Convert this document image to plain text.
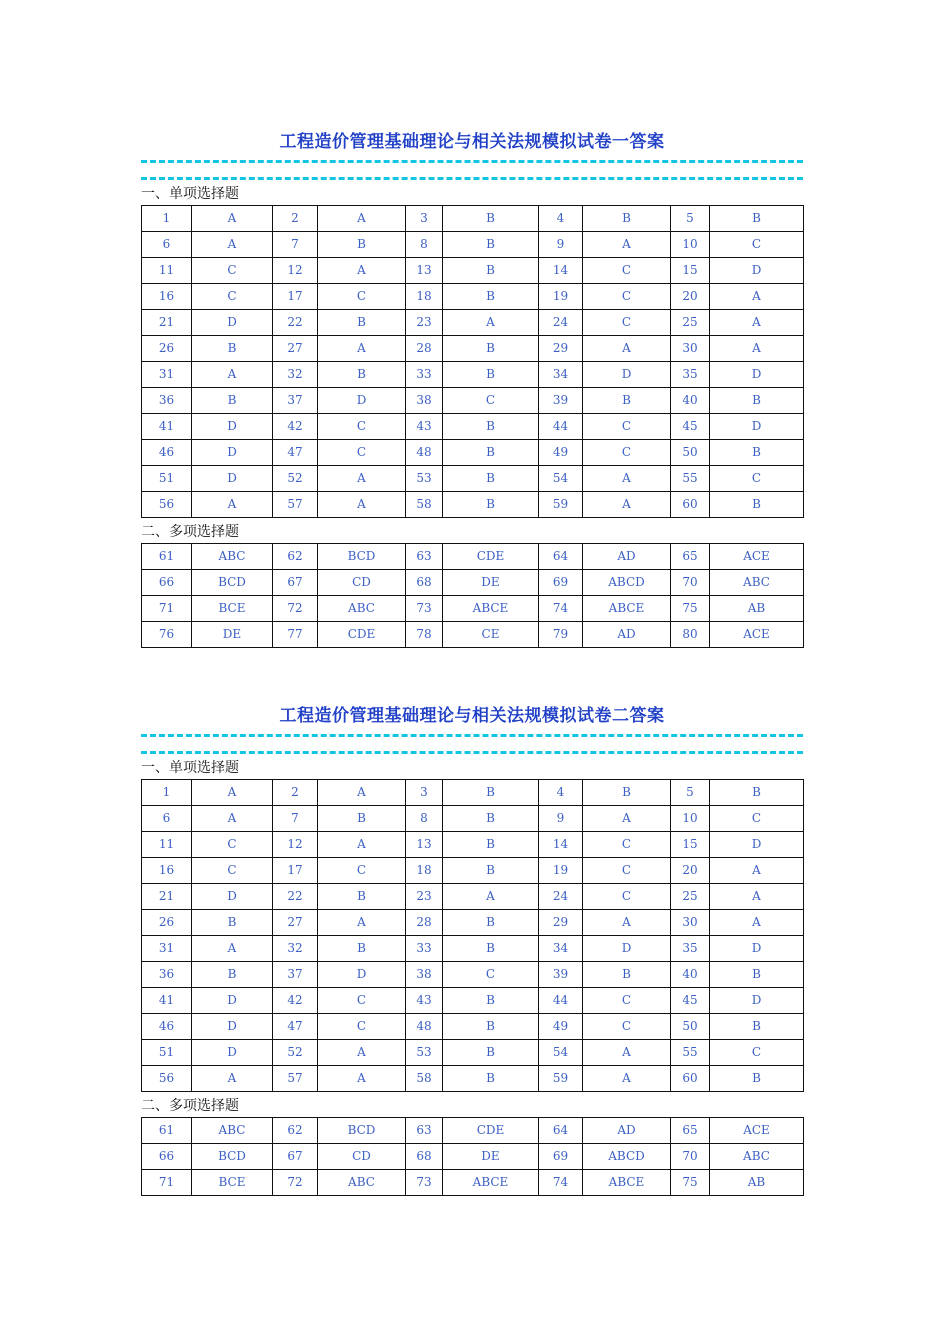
工程造价管理基础理论与相关法规模拟试卷一答案
一、单项选择题
1	A	2	A	3	B	4	B	5	B
6	A	7	B	8	B	9	A	10	C
11	C	12	A	13	B	14	C	15	D
16	C	17	C	18	B	19	C	20	A
21	D	22	B	23	A	24	C	25	A
26	B	27	A	28	B	29	A	30	A
31	A	32	B	33	B	34	D	35	D
36	B	37	D	38	C	39	B	40	B
41	D	42	C	43	B	44	C	45	D
46	D	47	C	48	B	49	C	50	B
51	D	52	A	53	B	54	A	55	C
56	A	57	A	58	B	59	A	60	B
二、多项选择题
61	ABC	62	BCD	63	CDE	64	AD	65	ACE
66	BCD	67	CD	68	DE	69	ABCD	70	ABC
71	BCE	72	ABC	73	ABCE	74	ABCE	75	AB
76	DE	77	CDE	78	CE	79	AD	80	ACE
工程造价管理基础理论与相关法规模拟试卷二答案
一、单项选择题
1	A	2	A	3	B	4	B	5	B
6	A	7	B	8	B	9	A	10	C
11	C	12	A	13	B	14	C	15	D
16	C	17	C	18	B	19	C	20	A
21	D	22	B	23	A	24	C	25	A
26	B	27	A	28	B	29	A	30	A
31	A	32	B	33	B	34	D	35	D
36	B	37	D	38	C	39	B	40	B
41	D	42	C	43	B	44	C	45	D
46	D	47	C	48	B	49	C	50	B
51	D	52	A	53	B	54	A	55	C
56	A	57	A	58	B	59	A	60	B
二、多项选择题
61	ABC	62	BCD	63	CDE	64	AD	65	ACE
66	BCD	67	CD	68	DE	69	ABCD	70	ABC
71	BCE	72	ABC	73	ABCE	74	ABCE	75	AB
